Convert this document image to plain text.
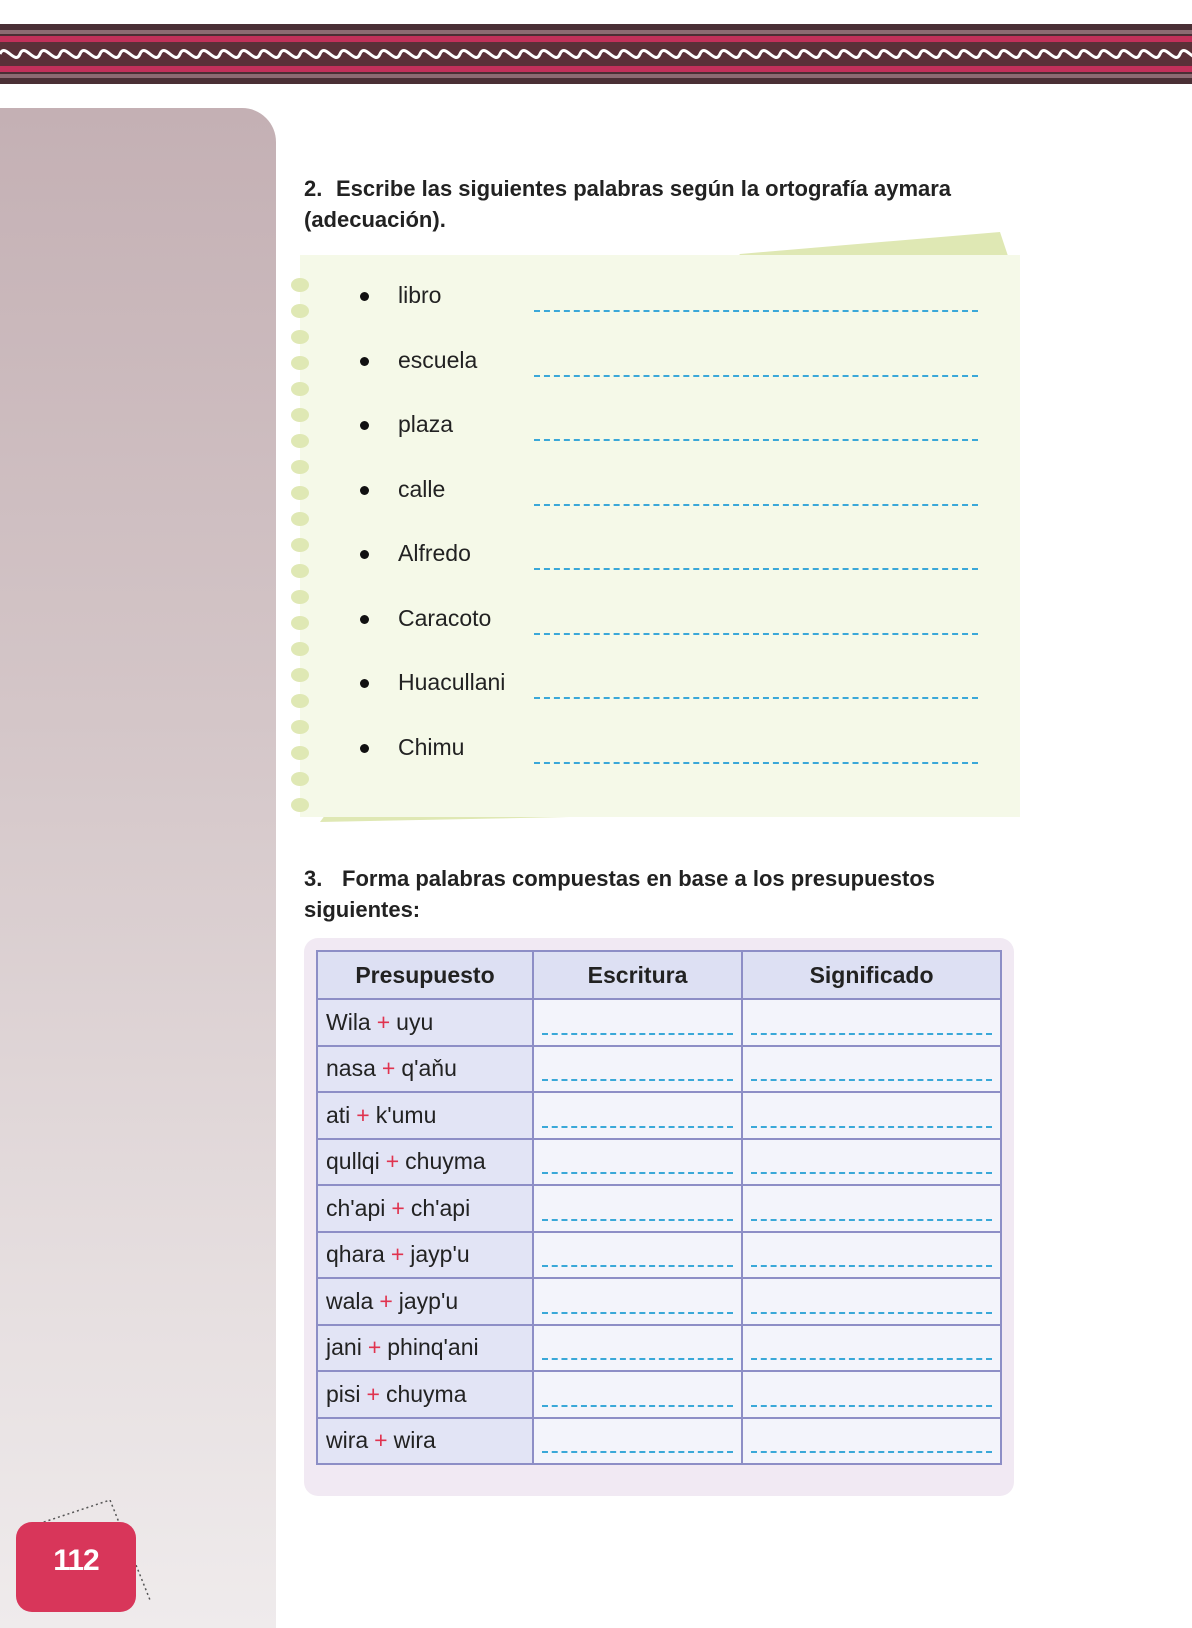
112
2. Escribe las siguientes palabras según la ortografía aymara (adecuación).
libro
escuela
plaza
calle
Alfredo
Caracoto
Huacullani
Chimu
3. Forma palabras compuestas en base a los presupuestos siguientes:
Presupuesto	Escritura	Significado
Wila + uyu	

nasa + q'aňu	

ati + k'umu	

qullqi + chuyma	

ch'api + ch'api	

qhara + jayp'u	

wala + jayp'u	

jani + phinq'ani	

pisi + chuyma	

wira + wira	
